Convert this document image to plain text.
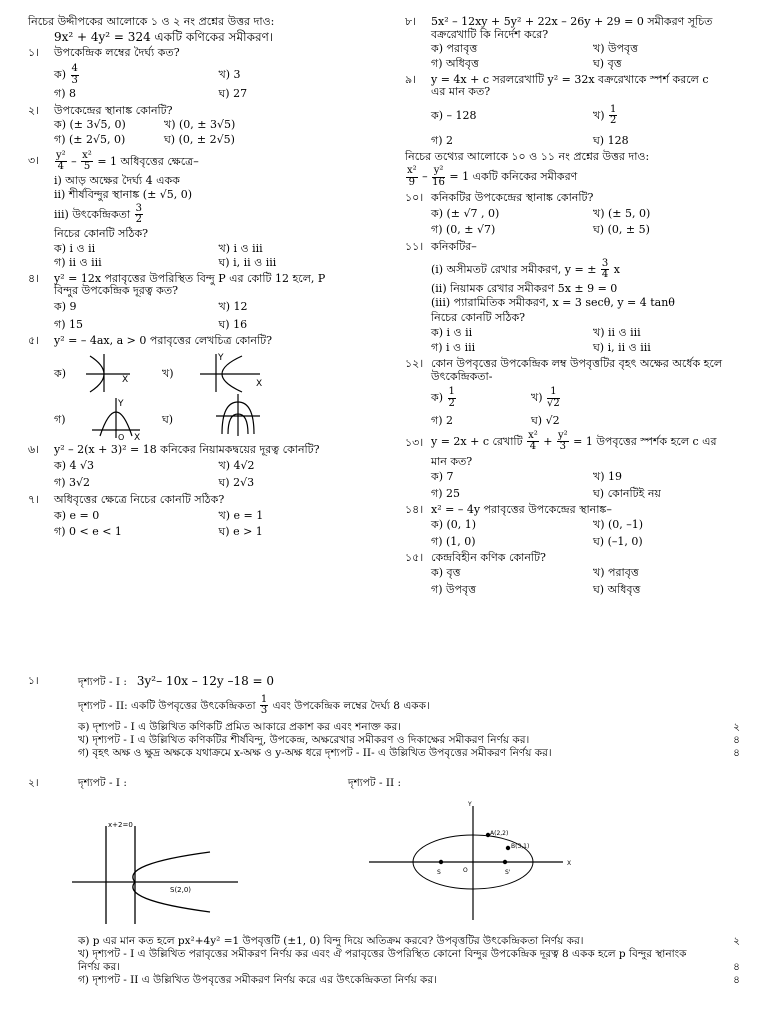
নিচের উদ্দীপকের আলোকে ১ ও ২ নং প্রশ্নের উত্তর দাও:
9x² + 4y² = 324 একটি কণিকের সমীকরণ।
১। উপকেন্দ্রিক লম্বের দৈর্ঘ্য কত?
ক) $\frac{4}{3}$	খ) 3
গ) 8	ঘ) 27
২। উপকেন্দ্রের স্থানাঙ্ক কোনটি?
ক) (± 3√5, 0)	খ) (0, ± 3√5)
গ) (± 2√5, 0)	ঘ) (0, ± 2√5)
৩। $\frac{\text{y²}}{4} - \frac{\text{x²}}{5} = 1$ অধিবৃত্তের ক্ষেত্রে–
i) আড় অক্ষের দৈর্ঘ্য 4 একক
ii) শীর্ষবিন্দুর স্থানাঙ্ক (± √5, 0)
iii) উৎকেন্দ্রিকতা $\frac{3}{2}$
নিচের কোনটি সঠিক?
ক) i ও ii	খ) i ও iii
গ) ii ও iii	ঘ) i, ii ও iii
৪। y² = 12x পরাবৃত্তের উপরিস্থিত বিন্দু P এর কোটি 12 হলে, P
বিন্দুর উপকেন্দ্রিক দূরত্ব কত?
ক) 9	খ) 12
গ) 15	ঘ) 16
৫। y² = – 4ax, a > 0 পরাবৃত্তের লেখচিত্র কোনটি?
ক)	খ)
গ)	ঘ)
X
Y
X
Y
O X
৬। y² – 2(x + 3)² = 18 কনিকের নিয়ামকদ্বয়ের দূরত্ব কোনটি?
ক) 4 √3	খ) 4√2
গ) 3√2	ঘ) 2√3
৭। অধিবৃত্তের ক্ষেত্রে নিচের কোনটি সঠিক?
ক) e = 0	খ) e = 1
গ) 0 < e < 1	ঘ) e > 1
৮। 5x² – 12xy + 5y² + 22x – 26y + 29 = 0 সমীকরণ সূচিত
বক্ররেখাটি কি নির্দেশ করে?
ক) পরাবৃত্ত	খ) উপবৃত্ত
গ) অধিবৃত্ত	ঘ) বৃত্ত
৯। y = 4x + c সরলরেখাটি y² = 32x বক্ররেখাকে স্পর্শ করলে c
এর মান কত?
ক) – 128	খ) $\frac{1}{2}$
গ) 2	ঘ) 128
নিচের তথ্যের আলোকে ১০ ও ১১ নং প্রশ্নের উত্তর দাও:
$\frac{\text{x²}}{9} - \frac{\text{y²}}{16} = 1$ একটি কনিকের সমীকরণ
১০। কনিকটির উপকেন্দ্রের স্থানাঙ্ক কোনটি?
ক) (± √7 , 0)	খ) (± 5, 0)
গ) (0, ± √7)	ঘ) (0, ± 5)
১১। কনিকটির–
(i) অসীমতট রেখার সমীকরণ, y = ± $\frac{3}{4}$ x
(ii) নিয়ামক রেখার সমীকরণ 5x ± 9 = 0
(iii) প্যারামিতিক সমীকরণ, x = 3 secθ, y = 4 tanθ
নিচের কোনটি সঠিক?
ক) i ও ii	খ) ii ও iii
গ) i ও iii	ঘ) i, ii ও iii
১২। কোন উপবৃত্তের উপকেন্দ্রিক লম্ব উপবৃত্তটির বৃহৎ অক্ষের অর্ধেক হলে
উৎকেন্দ্রিকতা-
ক) $\frac{1}{2}$	খ) $\frac{1}{√2}$
গ) 2	ঘ) √2
১৩। y = 2x + c রেখাটি $\frac{\text{x²}}{4} + \frac{\text{y²}}{3} = 1$ উপবৃত্তের স্পর্শক হলে c এর
মান কত?
ক) 7	খ) 19
গ) 25	ঘ) কোনটিই নয়
১৪। x² = – 4y পরাবৃত্তের উপকেন্দ্রের স্থানাঙ্ক–
ক) (0, 1)	খ) (0, –1)
গ) (1, 0)	ঘ) (–1, 0)
১৫। কেন্দ্রবিহীন কণিক কোনটি?
ক) বৃত্ত	খ) পরাবৃত্ত
গ) উপবৃত্ত	ঘ) অধিবৃত্ত
১।	দৃশ্যপট - I : 3y²– 10x – 12y –18 = 0
দৃশ্যপট - II: একটি উপবৃত্তের উৎকেন্দ্রিকতা $\frac{1}{3}$ এবং উপকেন্দ্রিক লম্বের দৈর্ঘ্য 8 একক।
ক) দৃশ্যপট - I এ উল্লিখিত কণিকটি প্রমিত আকারে প্রকাশ কর এবং শনাক্ত কর।	২
খ) দৃশ্যপট - I এ উল্লিখিত কণিকটির শীর্ষবিন্দু, উপকেন্দ্র, অক্ষরেখার সমীকরণ ও দিকাক্ষের সমীকরণ নির্ণয় কর।	৪
গ) বৃহৎ অক্ষ ও ক্ষুদ্র অক্ষকে যথাক্রমে x-অক্ষ ও y-অক্ষ ধরে দৃশ্যপট - II- এ উল্লিখিত উপবৃত্তের সমীকরণ নির্ণয় কর।	৪
২।	দৃশ্যপট - I :	দৃশ্যপট - II :
x+2=0
S(2,0)
Y
X
A(2,2)
B(3,1)
S	O	S'
ক) p এর মান কত হলে px²+4y² =1 উপবৃত্তটি (±1, 0) বিন্দু দিয়ে অতিক্রম করবে? উপবৃত্তটির উৎকেন্দ্রিকতা নির্ণয় কর।	২
খ) দৃশ্যপট - I এ উল্লিখিত পরাবৃত্তের সমীকরণ নির্ণয় কর এবং ঐ পরাবৃত্তের উপরিস্থিত কোনো বিন্দুর উপকেন্দ্রিক দূরত্ব 8 একক হলে p বিন্দুর স্থানাংক
নির্ণয় কর।	৪
গ) দৃশ্যপট - II এ উল্লিখিত উপবৃত্তের সমীকরণ নির্ণয় করে এর উৎকেন্দ্রিকতা নির্ণয় কর।	৪
